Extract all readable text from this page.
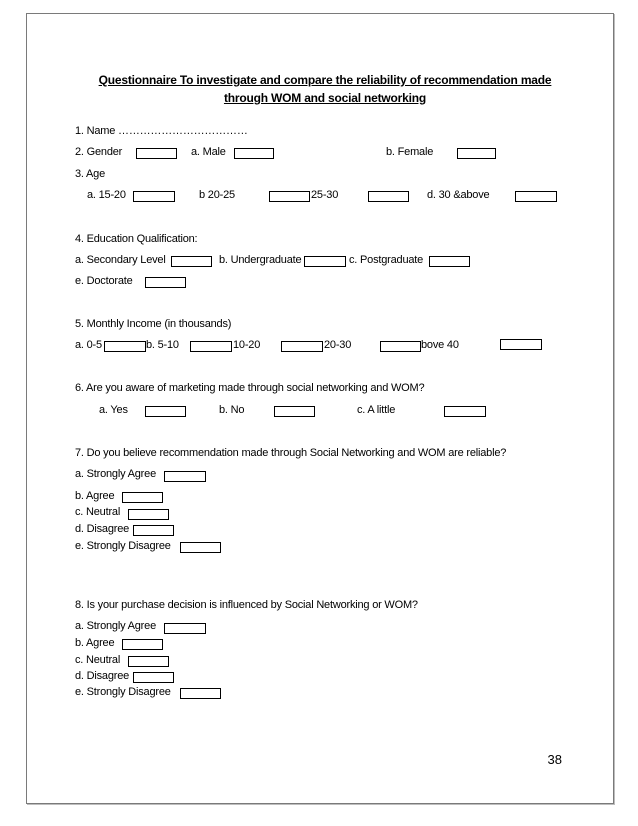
Questionnaire To investigate and compare the reliability of recommendation made
through WOM and social networking
1. Name ………………………………
2. Gender	a. Male	b. Female
3. Age
a. 15-20	b 20-25	25-30	d. 30 &above
4. Education Qualification:
a. Secondary Level	b. Undergraduate	c. Postgraduate
e. Doctorate
5. Monthly Income (in thousands)
a. 0-5	b. 5-10	10-20	20-30	bove 40
6. Are you aware of marketing made through social networking and WOM?
a. Yes	b. No	c. A little
7. Do you believe recommendation made through Social Networking and WOM are reliable?
a. Strongly Agree
b. Agree
c. Neutral
d. Disagree
e. Strongly Disagree
8. Is your purchase decision is influenced by Social Networking or WOM?
a. Strongly Agree
b. Agree
c. Neutral
d. Disagree
e. Strongly Disagree
38
